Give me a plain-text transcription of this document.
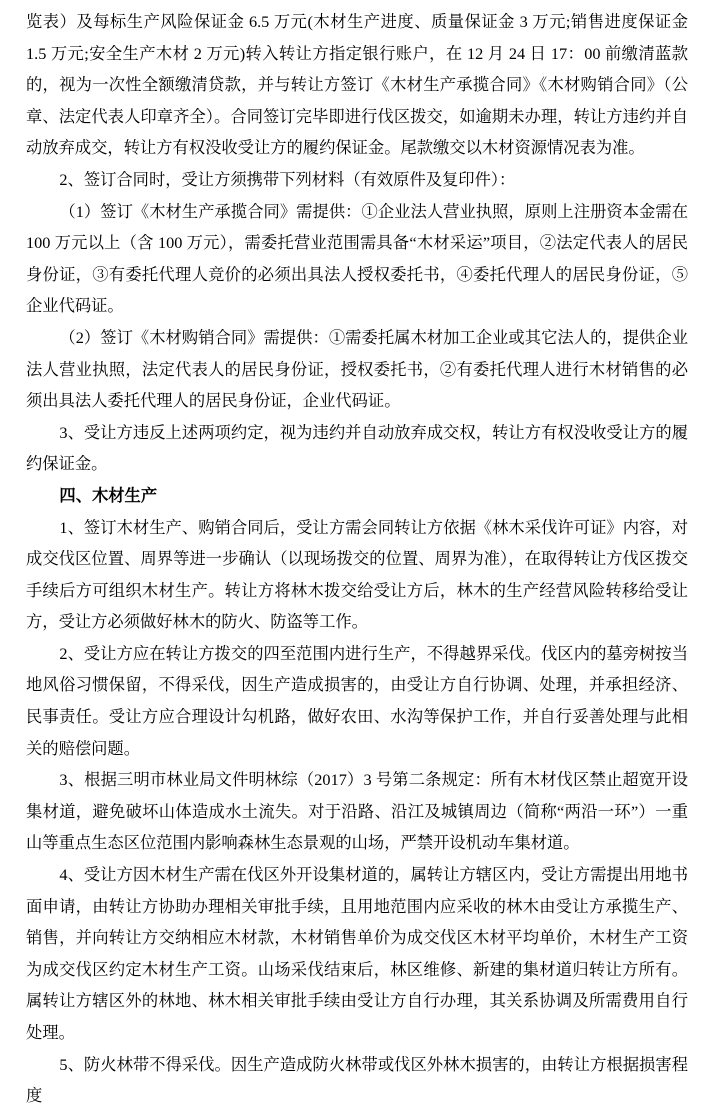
览表）及每标生产风险保证金 6.5 万元(木材生产进度、质量保证金 3 万元;销售进度保证金 1.5 万元;安全生产木材 2 万元)转入转让方指定银行账户，在 12 月 24 日 17：00 前缴清蓝款的，视为一次性全额缴清贷款，并与转让方签订《木材生产承揽合同》《木材购销合同》（公章、法定代表人印章齐全）。合同签订完毕即进行伐区拨交，如逾期未办理，转让方违约并自动放弃成交，转让方有权没收受让方的履约保证金。尾款缴交以木材资源情况表为准。

2、签订合同时，受让方须携带下列材料（有效原件及复印件）：

（1）签订《木材生产承揽合同》需提供：①企业法人营业执照，原则上注册资本金需在 100 万元以上（含 100 万元），需委托营业范围需具备“木材采运”项目，②法定代表人的居民身份证，③有委托代理人竞价的必须出具法人授权委托书，④委托代理人的居民身份证，⑤企业代码证。

（2）签订《木材购销合同》需提供：①需委托属木材加工企业或其它法人的，提供企业法人营业执照，法定代表人的居民身份证，授权委托书，②有委托代理人进行木材销售的必须出具法人委托代理人的居民身份证，企业代码证。

3、受让方违反上述两项约定，视为违约并自动放弃成交权，转让方有权没收受让方的履约保证金。

四、木材生产

1、签订木材生产、购销合同后，受让方需会同转让方依据《林木采伐许可证》内容，对成交伐区位置、周界等进一步确认（以现场拨交的位置、周界为准），在取得转让方伐区拨交手续后方可组织木材生产。转让方将林木拨交给受让方后，林木的生产经营风险转移给受让方，受让方必须做好林木的防火、防盗等工作。

2、受让方应在转让方拨交的四至范围内进行生产，不得越界采伐。伐区内的墓旁树按当地风俗习惯保留，不得采伐，因生产造成损害的，由受让方自行协调、处理，并承担经济、民事责任。受让方应合理设计勾机路，做好农田、水沟等保护工作，并自行妥善处理与此相关的赔偿问题。

3、根据三明市林业局文件明林综（2017）3 号第二条规定：所有木材伐区禁止超宽开设集材道，避免破坏山体造成水土流失。对于沿路、沿江及城镇周边（简称“两沿一环”）一重山等重点生态区位范围内影响森林生态景观的山场，严禁开设机动车集材道。

4、受让方因木材生产需在伐区外开设集材道的，属转让方辖区内，受让方需提出用地书面申请，由转让方协助办理相关审批手续，且用地范围内应采收的林木由受让方承揽生产、销售，并向转让方交纳相应木材款，木材销售单价为成交伐区木材平均单价，木材生产工资为成交伐区约定木材生产工资。山场采伐结束后，林区维修、新建的集材道归转让方所有。属转让方辖区外的林地、林木相关审批手续由受让方自行办理，其关系协调及所需费用自行处理。

5、防火林带不得采伐。因生产造成防火林带或伐区外林木损害的，由转让方根据损害程度
